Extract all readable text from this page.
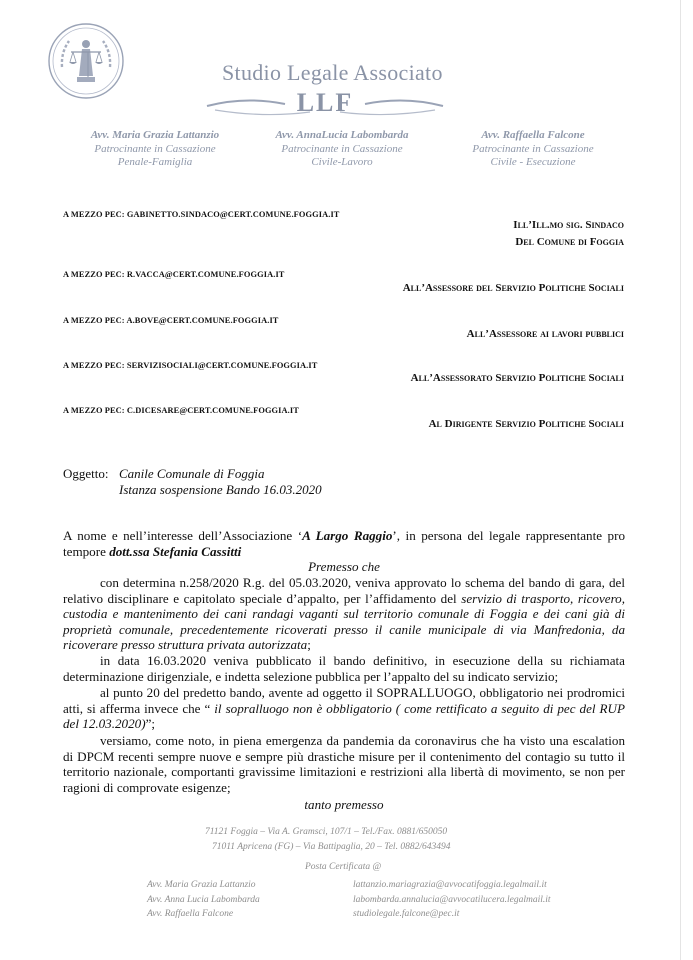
Studio Legale Associato
LLF
Avv. Maria Grazia Lattanzio
Patrocinante in Cassazione
Penale-Famiglia
Avv. AnnaLucia Labombarda
Patrocinante in Cassazione
Civile-Lavoro
Avv. Raffaella Falcone
Patrocinante in Cassazione
Civile - Esecuzione
A MEZZO PEC: GABINETTO.SINDACO@CERT.COMUNE.FOGGIA.IT
Ill’Ill.mo sig. Sindaco
Del Comune di Foggia
A MEZZO PEC: R.VACCA@CERT.COMUNE.FOGGIA.IT
All’Assessore del Servizio Politiche Sociali
A MEZZO PEC: A.BOVE@CERT.COMUNE.FOGGIA.IT
All’Assessore ai lavori pubblici
A MEZZO PEC: SERVIZISOCIALI@CERT.COMUNE.FOGGIA.IT
All’Assessorato Servizio Politiche Sociali
A MEZZO PEC: C.DICESARE@CERT.COMUNE.FOGGIA.IT
Al Dirigente Servizio Politiche Sociali
Oggetto: Canile Comunale di Foggia
Istanza sospensione Bando 16.03.2020
A nome e nell’interesse dell’Associazione ‘A Largo Raggio’, in persona del legale rappresentante pro tempore dott.ssa Stefania Cassitti
Premesso che
con determina n.258/2020 R.g. del 05.03.2020, veniva approvato lo schema del bando di gara, del relativo disciplinare e capitolato speciale d’appalto, per l’affidamento del servizio di trasporto, ricovero, custodia e mantenimento dei cani randagi vaganti sul territorio comunale di Foggia e dei cani già di proprietà comunale, precedentemente ricoverati presso il canile municipale di via Manfredonia, da ricoverare presso struttura privata autorizzata;
in data 16.03.2020 veniva pubblicato il bando definitivo, in esecuzione della su richiamata determinazione dirigenziale, e indetta selezione pubblica per l’appalto del su indicato servizio;
al punto 20 del predetto bando, avente ad oggetto il SOPRALLUOGO, obbligatorio nei prodromici atti, si afferma invece che “ il sopralluogo non è obbligatorio ( come rettificato a seguito di pec del RUP del 12.03.2020)”;
versiamo, come noto, in piena emergenza da pandemia da coronavirus che ha visto una escalation di DPCM recenti sempre nuove e sempre più drastiche misure per il contenimento del contagio su tutto il territorio nazionale, comportanti gravissime limitazioni e restrizioni alla libertà di movimento, se non per ragioni di comprovate esigenze;
tanto premesso
71121 Foggia – Via A. Gramsci, 107/1 – Tel./Fax. 0881/650050
71011 Apricena (FG) – Via Battipaglia, 20 – Tel. 0882/643494
Posta Certificata @
Avv. Maria Grazia Lattanzio	lattanzio.mariagrazia@avvocatifoggia.legalmail.it
Avv. Anna Lucia Labombarda	labombarda.annalucia@avvocatilucera.legalmail.it
Avv. Raffaella Falcone	studiolegale.falcone@pec.it
